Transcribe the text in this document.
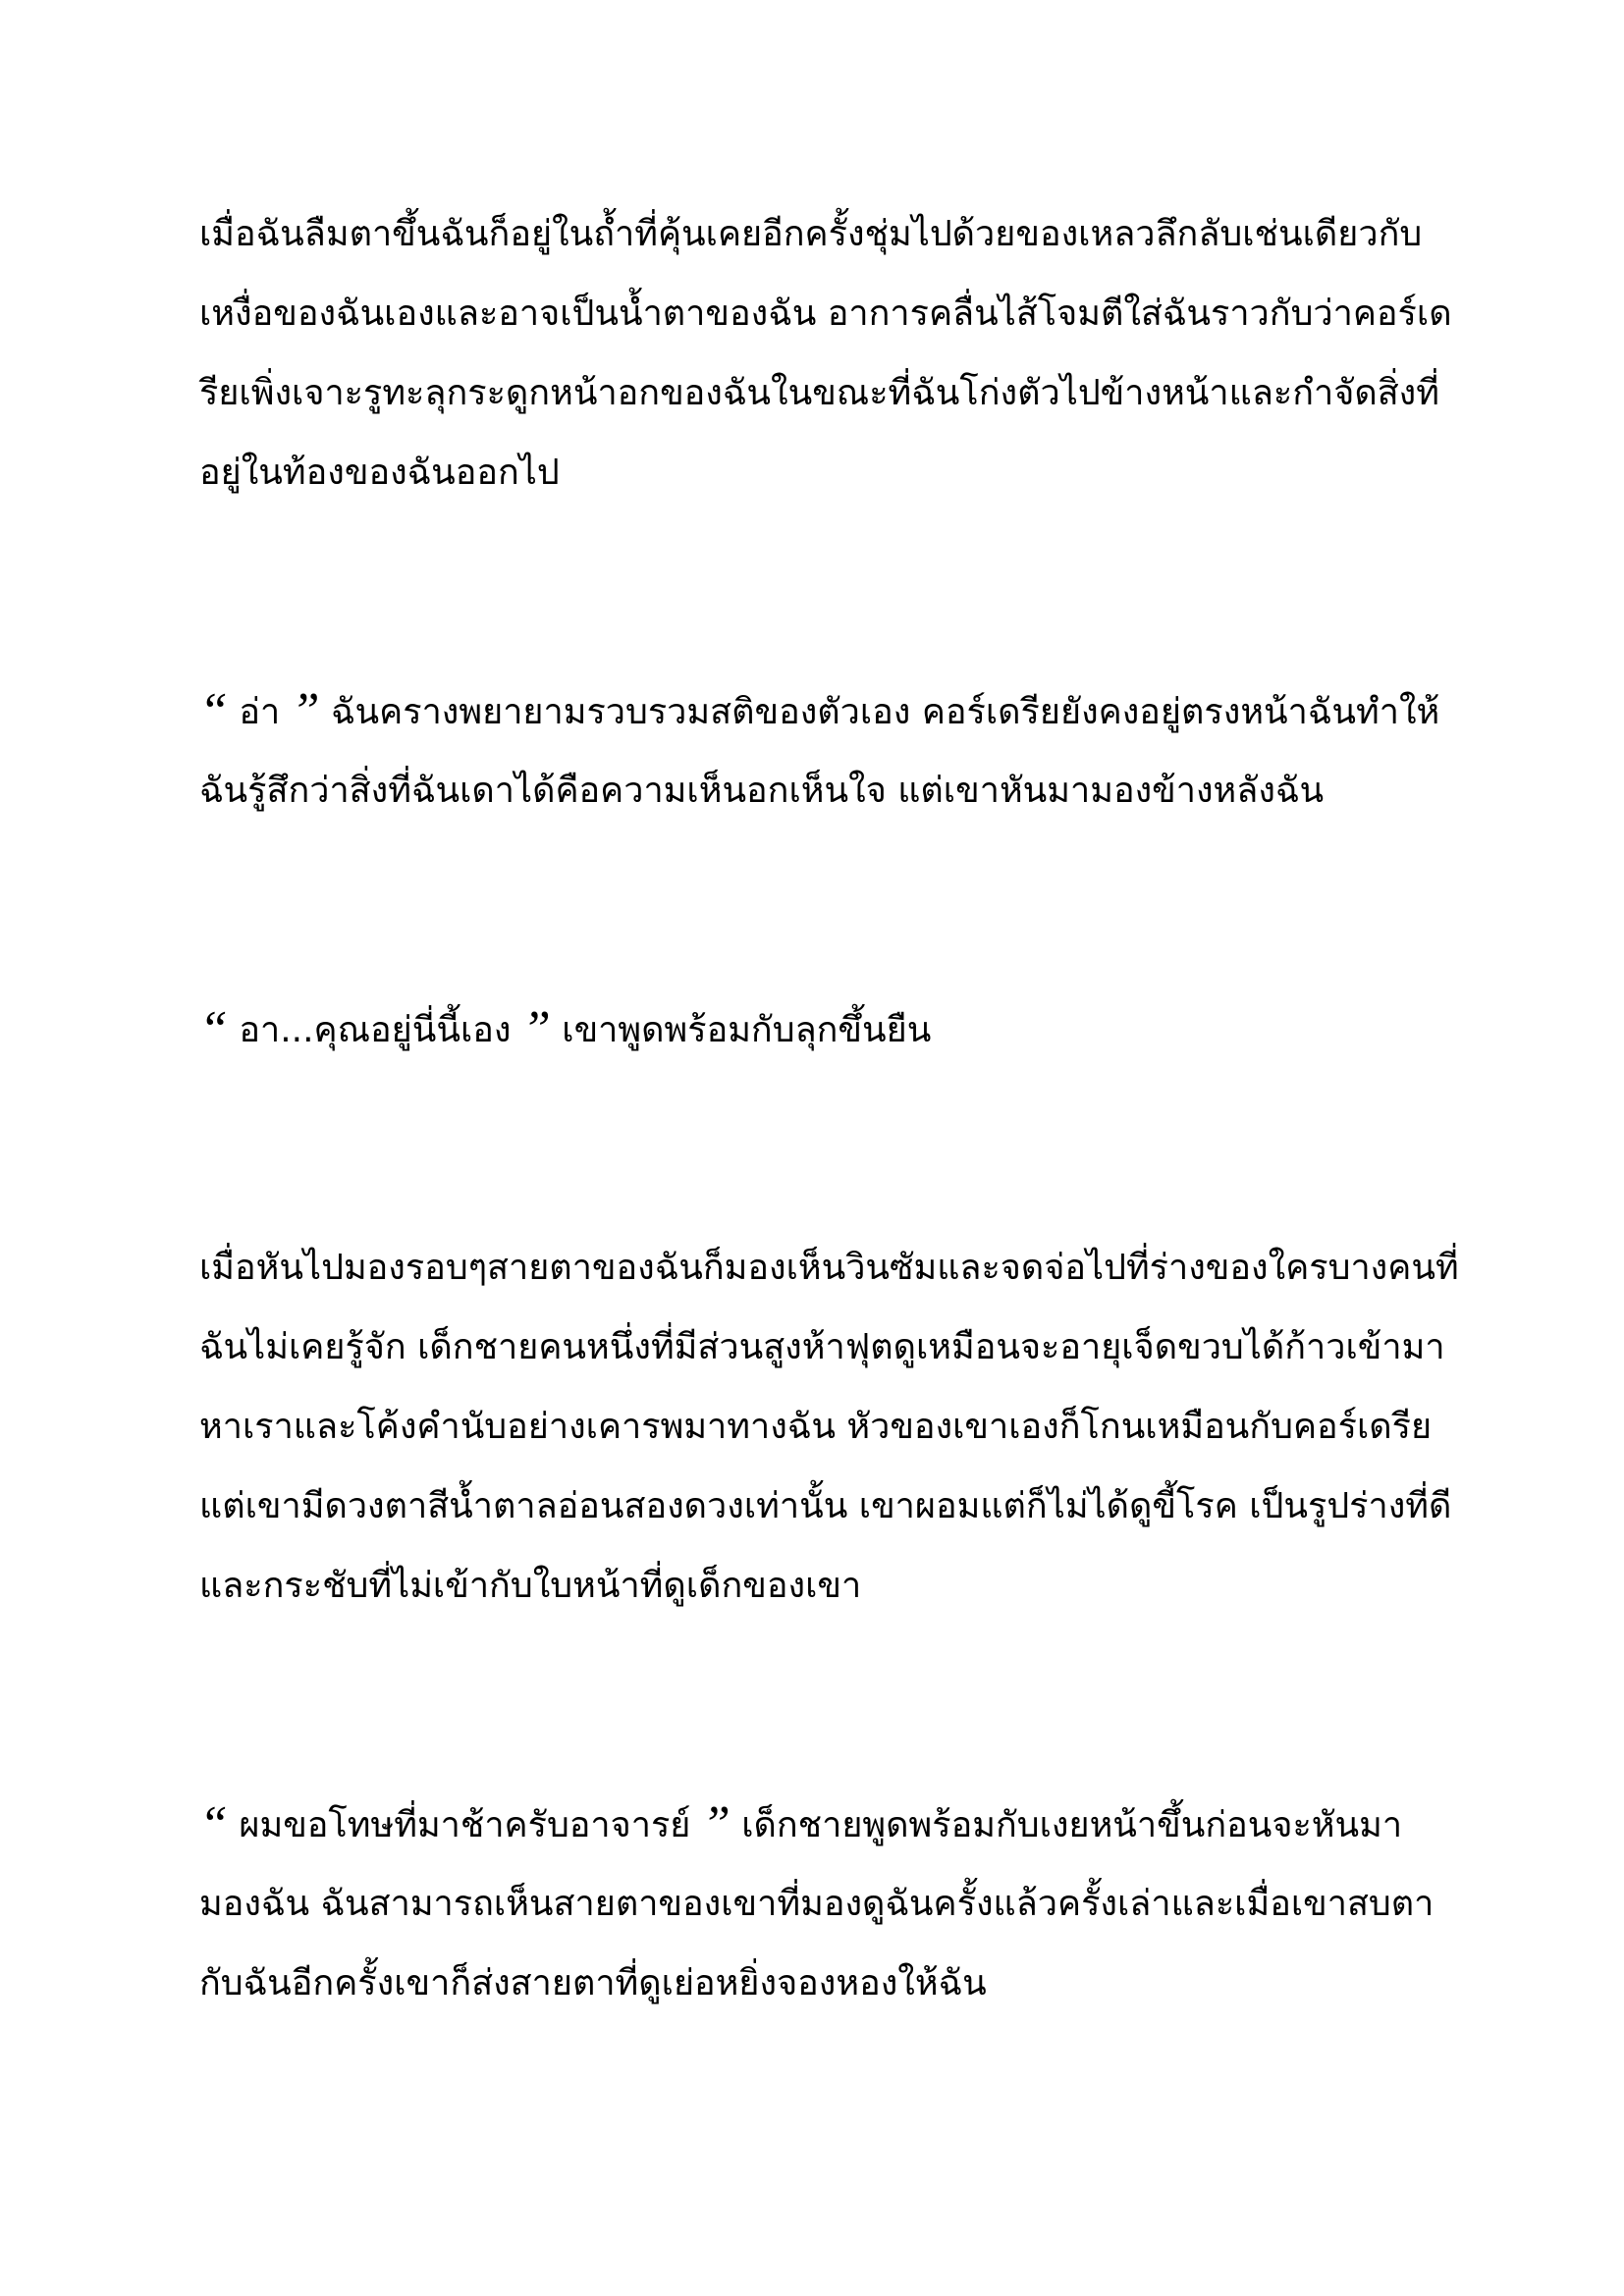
เมื่อฉันลืมตาขึ้นฉันก็อยู่ในถ้ำที่คุ้นเคยอีกครั้งชุ่มไปด้วยของเหลวลึกลับเช่นเดียวกับ
เหงื่อของฉันเองและอาจเป็นน้ำตาของฉัน อาการคลื่นไส้โจมตีใส่ฉันราวกับว่าคอร์เด
รียเพิ่งเจาะรูทะลุกระดูกหน้าอกของฉันในขณะที่ฉันโก่งตัวไปข้างหน้าและกำจัดสิ่งที่
อยู่ในท้องของฉันออกไป
“ อ่า ” ฉันครางพยายามรวบรวมสติของตัวเอง คอร์เดรียยังคงอยู่ตรงหน้าฉันทำให้
ฉันรู้สึกว่าสิ่งที่ฉันเดาได้คือความเห็นอกเห็นใจ แต่เขาหันมามองข้างหลังฉัน
“ อา...คุณอยู่นี่นี้เอง ” เขาพูดพร้อมกับลุกขึ้นยืน
เมื่อหันไปมองรอบๆสายตาของฉันก็มองเห็นวินซัมและจดจ่อไปที่ร่างของใครบางคนที่
ฉันไม่เคยรู้จัก เด็กชายคนหนึ่งที่มีส่วนสูงห้าฟุตดูเหมือนจะอายุเจ็ดขวบได้ก้าวเข้ามา
หาเราและโค้งคำนับอย่างเคารพมาทางฉัน หัวของเขาเองก็โกนเหมือนกับคอร์เดรีย
แต่เขามีดวงตาสีน้ำตาลอ่อนสองดวงเท่านั้น เขาผอมแต่ก็ไม่ได้ดูขี้โรค เป็นรูปร่างที่ดี
และกระชับที่ไม่เข้ากับใบหน้าที่ดูเด็กของเขา
“ ผมขอโทษที่มาช้าครับอาจารย์ ” เด็กชายพูดพร้อมกับเงยหน้าขึ้นก่อนจะหันมา
มองฉัน ฉันสามารถเห็นสายตาของเขาที่มองดูฉันครั้งแล้วครั้งเล่าและเมื่อเขาสบตา
กับฉันอีกครั้งเขาก็ส่งสายตาที่ดูเย่อหยิ่งจองหองให้ฉัน
